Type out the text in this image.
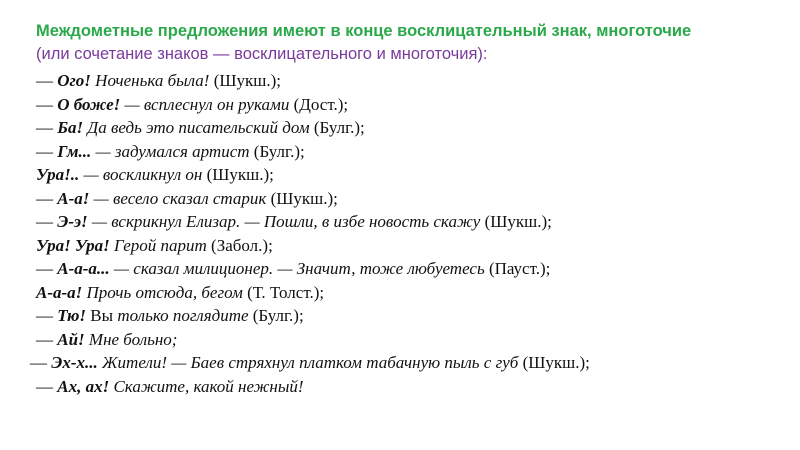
Междометные предложения имеют в конце восклицательный знак, многоточие
(или сочетание знаков — восклицательного и многоточия):
— Ого! Ноченька была! (Шукш.);
— О боже! — всплеснул он руками (Дост.);
— Ба! Да ведь это писательский дом (Булг.);
— Гм... — задумался артист (Булг.);
Ура!.. — воскликнул он (Шукш.);
— А-а! — весело сказал старик (Шукш.);
— Э-э! — вскрикнул Елизар. — Пошли, в избе новость скажу (Шукш.);
Ура! Ура! Герой парит (Забол.);
— А-а-а... — сказал милиционер. — Значит, тоже любуетесь (Пауст.);
А-а-а! Прочь отсюда, бегом (Т. Толст.);
— Тю! Вы только поглядите (Булг.);
— Ай! Мне больно;
— Эх-х... Жители! — Баев стряхнул платком табачную пыль с губ (Шукш.);
— Ах, ах! Скажите, какой нежный!
